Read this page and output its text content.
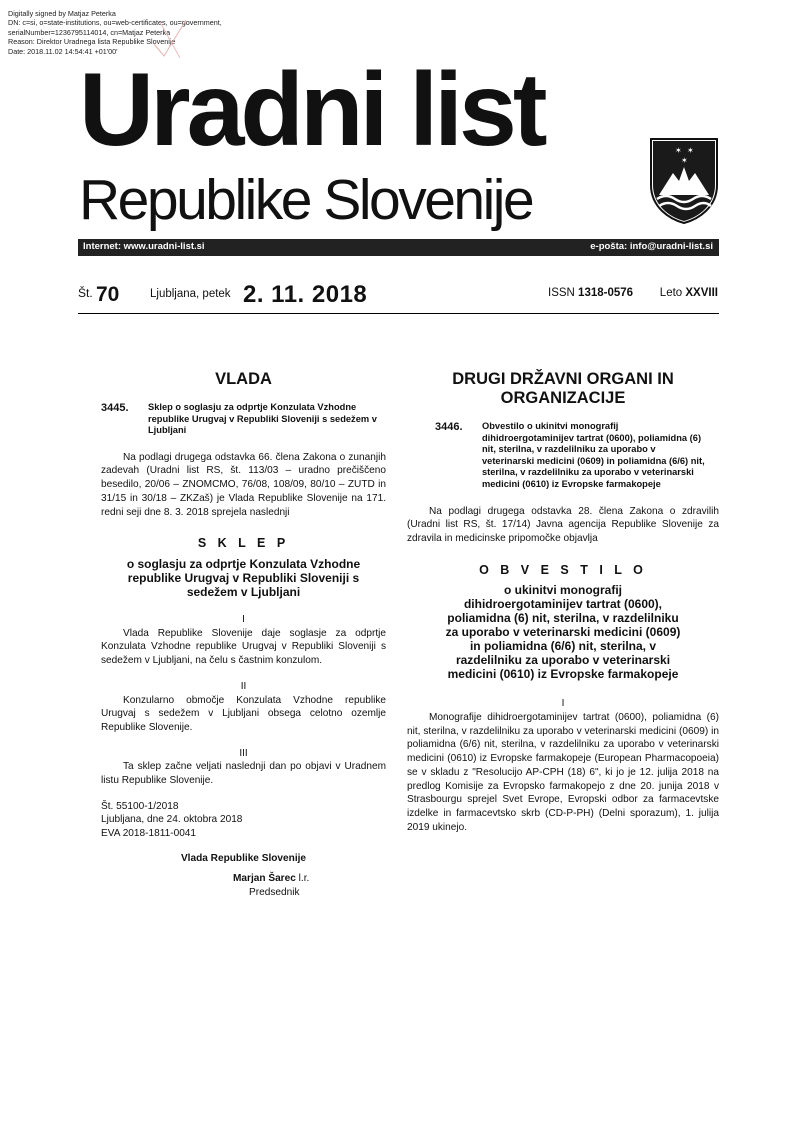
Digitally signed by Matjaz Peterka
DN: c=si, o=state-institutions, ou=web-certificates, ou=government,
serialNumber=1236795114014, cn=Matjaz Peterka
Reason: Direktor Uradnega lista Republike Slovenije
Date: 2018.11.02 14:54:41 +01'00'
Uradni list
Republike Slovenije
✶ ✶
✶
Internet: www.uradni-list.si	e-pošta: info@uradni-list.si
Št. 70	Ljubljana, petek 2. 11. 2018	ISSN 1318-0576 Leto XXVIII
VLADA
3445.	Sklep o soglasju za odprtje Konzulata Vzhodne republike Urugvaj v Republiki Sloveniji s sedežem v Ljubljani

Na podlagi drugega odstavka 66. člena Zakona o zunanjih zadevah (Uradni list RS, št. 113/03 – uradno prečiščeno besedilo, 20/06 – ZNOMCMO, 76/08, 108/09, 80/10 – ZUTD in 31/15 in 30/18 – ZKZaš) je Vlada Republike Slovenije na 171. redni seji dne 8. 3. 2018 sprejela naslednji

S K L E P
o soglasju za odprtje Konzulata Vzhodne republike Urugvaj v Republiki Sloveniji s sedežem v Ljubljani
I

Vlada Republike Slovenije daje soglasje za odprtje Konzulata Vzhodne republike Urugvaj v Republiki Sloveniji s sedežem v Ljubljani, na čelu s častnim konzulom.

II

Konzularno območje Konzulata Vzhodne republike Urugvaj s sedežem v Ljubljani obsega celotno ozemlje Republike Slovenije.

III

Ta sklep začne veljati naslednji dan po objavi v Uradnem listu Republike Slovenije.

Št. 55100-1/2018
Ljubljana, dne 24. oktobra 2018
EVA 2018-1811-0041
Vlada Republike Slovenije
Marjan Šarec l.r.
Predsednik
DRUGI DRŽAVNI ORGANI IN ORGANIZACIJE
3446.	Obvestilo o ukinitvi monografij dihidroergotaminijev tartrat (0600), poliamidna (6) nit, sterilna, v razdelilniku za uporabo v veterinarski medicini (0609) in poliamidna (6/6) nit, sterilna, v razdelilniku za uporabo v veterinarski medicini (0610) iz Evropske farmakopeje

Na podlagi drugega odstavka 28. člena Zakona o zdravilih (Uradni list RS, št. 17/14) Javna agencija Republike Slovenije za zdravila in medicinske pripomočke objavlja

O B V E S T I L O
o ukinitvi monografij dihidroergotaminijev tartrat (0600), poliamidna (6) nit, sterilna, v razdelilniku za uporabo v veterinarski medicini (0609) in poliamidna (6/6) nit, sterilna, v razdelilniku za uporabo v veterinarski medicini (0610) iz Evropske farmakopeje
I

Monografije dihidroergotaminijev tartrat (0600), poliamidna (6) nit, sterilna, v razdelilniku za uporabo v veterinarski medicini (0609) in poliamidna (6/6) nit, sterilna, v razdelilniku za uporabo v veterinarski medicini (0610) iz Evropske farmakopeje (European Pharmacopoeia) se v skladu z "Resolucijo AP-CPH (18) 6", ki jo je 12. julija 2018 na predlog Komisije za Evropsko farmakopejo z dne 20. junija 2018 v Strasbourgu sprejel Svet Evrope, Evropski odbor za farmacevtske izdelke in farmacevtsko skrb (CD-P-PH) (Delni sporazum), 1. julija 2019 ukinejo.
